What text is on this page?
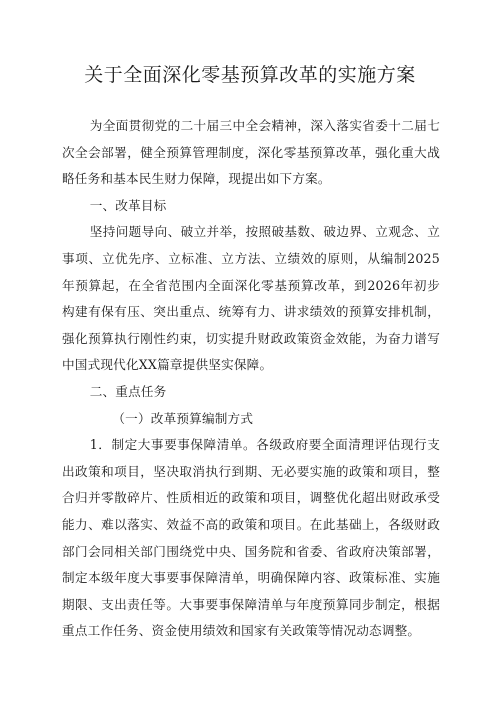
关于全面深化零基预算改革的实施方案

为全面贯彻党的二十届三中全会精神，深入落实省委十二届七次全会部署，健全预算管理制度，深化零基预算改革，强化重大战略任务和基本民生财力保障，现提出如下方案。

一、改革目标

坚持问题导向、破立并举，按照破基数、破边界、立观念、立事项、立优先序、立标准、立方法、立绩效的原则，从编制2025年预算起，在全省范围内全面深化零基预算改革，到2026年初步构建有保有压、突出重点、统筹有力、讲求绩效的预算安排机制，强化预算执行刚性约束，切实提升财政政策资金效能，为奋力谱写中国式现代化XX篇章提供坚实保障。

二、重点任务

（一）改革预算编制方式

1．制定大事要事保障清单。各级政府要全面清理评估现行支出政策和项目，坚决取消执行到期、无必要实施的政策和项目，整合归并零散碎片、性质相近的政策和项目，调整优化超出财政承受能力、难以落实、效益不高的政策和项目。在此基础上，各级财政部门会同相关部门围绕党中央、国务院和省委、省政府决策部署，制定本级年度大事要事保障清单，明确保障内容、政策标准、实施期限、支出责任等。大事要事保障清单与年度预算同步制定，根据重点工作任务、资金使用绩效和国家有关政策等情况动态调整。
